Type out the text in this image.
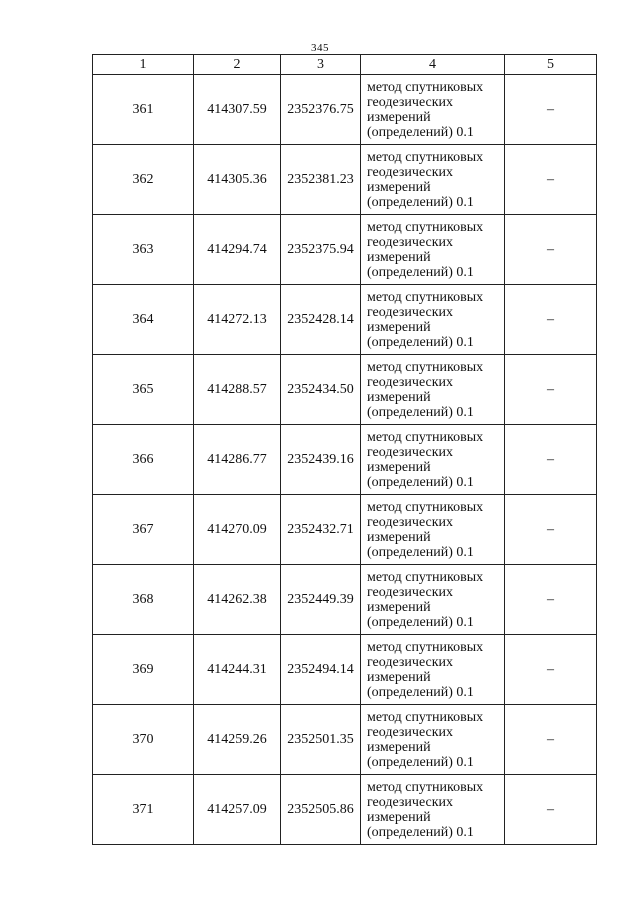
345
1	2	3	4	5
361	414307.59	2352376.75	метод спутниковых
геодезических
измерений
(определений) 0.1	–
362	414305.36	2352381.23	метод спутниковых
геодезических
измерений
(определений) 0.1	–
363	414294.74	2352375.94	метод спутниковых
геодезических
измерений
(определений) 0.1	–
364	414272.13	2352428.14	метод спутниковых
геодезических
измерений
(определений) 0.1	–
365	414288.57	2352434.50	метод спутниковых
геодезических
измерений
(определений) 0.1	–
366	414286.77	2352439.16	метод спутниковых
геодезических
измерений
(определений) 0.1	–
367	414270.09	2352432.71	метод спутниковых
геодезических
измерений
(определений) 0.1	–
368	414262.38	2352449.39	метод спутниковых
геодезических
измерений
(определений) 0.1	–
369	414244.31	2352494.14	метод спутниковых
геодезических
измерений
(определений) 0.1	–
370	414259.26	2352501.35	метод спутниковых
геодезических
измерений
(определений) 0.1	–
371	414257.09	2352505.86	метод спутниковых
геодезических
измерений
(определений) 0.1	–
